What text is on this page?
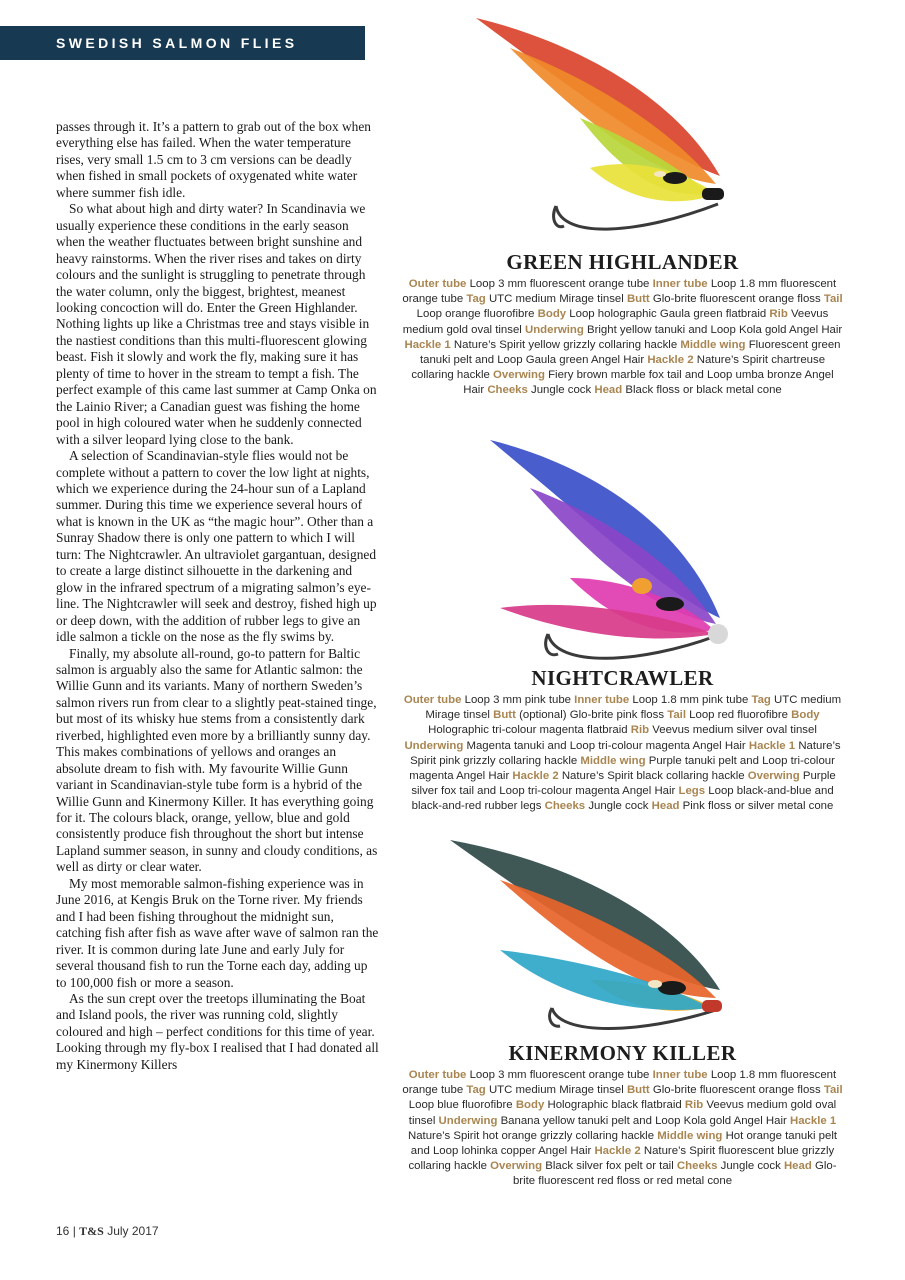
SWEDISH SALMON FLIES

passes through it. It’s a pattern to grab out of the box when everything else has failed. When the water temperature rises, very small 1.5 cm to 3 cm versions can be deadly when fished in small pockets of oxygenated white water where summer fish idle.

So what about high and dirty water? In Scandinavia we usually experience these conditions in the early season when the weather fluctuates between bright sunshine and heavy rainstorms. When the river rises and takes on dirty colours and the sunlight is struggling to penetrate through the water column, only the biggest, brightest, meanest looking concoction will do. Enter the Green Highlander. Nothing lights up like a Christmas tree and stays visible in the nastiest conditions than this multi-fluorescent glowing beast. Fish it slowly and work the fly, making sure it has plenty of time to hover in the stream to tempt a fish. The perfect example of this came last summer at Camp Onka on the Lainio River; a Canadian guest was fishing the home pool in high coloured water when he suddenly connected with a silver leopard lying close to the bank.

A selection of Scandinavian-style flies would not be complete without a pattern to cover the low light at nights, which we experience during the 24-hour sun of a Lapland summer. During this time we experience several hours of what is known in the UK as “the magic hour”. Other than a Sunray Shadow there is only one pattern to which I will turn: The Nightcrawler. An ultraviolet gargantuan, designed to create a large distinct silhouette in the darkening and glow in the infrared spectrum of a migrating salmon’s eye-line. The Nightcrawler will seek and destroy, fished high up or deep down, with the addition of rubber legs to give an idle salmon a tickle on the nose as the fly swims by.

Finally, my absolute all-round, go-to pattern for Baltic salmon is arguably also the same for Atlantic salmon: the Willie Gunn and its variants. Many of northern Sweden’s salmon rivers run from clear to a slightly peat-stained tinge, but most of its whisky hue stems from a consistently dark riverbed, highlighted even more by a brilliantly sunny day. This makes combinations of yellows and oranges an absolute dream to fish with. My favourite Willie Gunn variant in Scandinavian-style tube form is a hybrid of the Willie Gunn and Kinermony Killer. It has everything going for it. The colours black, orange, yellow, blue and gold consistently produce fish throughout the short but intense Lapland summer season, in sunny and cloudy conditions, as well as dirty or clear water.

My most memorable salmon-fishing experience was in June 2016, at Kengis Bruk on the Torne river. My friends and I had been fishing throughout the midnight sun, catching fish after fish as wave after wave of salmon ran the river. It is common during late June and early July for several thousand fish to run the Torne each day, adding up to 100,000 fish or more a season.

As the sun crept over the treetops illuminating the Boat and Island pools, the river was running cold, slightly coloured and high – perfect conditions for this time of year. Looking through my fly-box I realised that I had donated all my Kinermony Killers

GREEN HIGHLANDER
Outer tube Loop 3 mm fluorescent orange tube Inner tube Loop 1.8 mm fluorescent orange tube Tag UTC medium Mirage tinsel Butt Glo-brite fluorescent orange floss Tail Loop orange fluorofibre Body Loop holographic Gaula green flatbraid Rib Veevus medium gold oval tinsel Underwing Bright yellow tanuki and Loop Kola gold Angel Hair Hackle 1 Nature’s Spirit yellow grizzly collaring hackle Middle wing Fluorescent green tanuki pelt and Loop Gaula green Angel Hair Hackle 2 Nature’s Spirit chartreuse collaring hackle Overwing Fiery brown marble fox tail and Loop umba bronze Angel Hair Cheeks Jungle cock Head Black floss or black metal cone
NIGHTCRAWLER
Outer tube Loop 3 mm pink tube Inner tube Loop 1.8 mm pink tube Tag UTC medium Mirage tinsel Butt (optional) Glo-brite pink floss Tail Loop red fluorofibre Body Holographic tri-colour magenta flatbraid Rib Veevus medium silver oval tinsel Underwing Magenta tanuki and Loop tri-colour magenta Angel Hair Hackle 1 Nature’s Spirit pink grizzly collaring hackle Middle wing Purple tanuki pelt and Loop tri-colour magenta Angel Hair Hackle 2 Nature’s Spirit black collaring hackle Overwing Purple silver fox tail and Loop tri-colour magenta Angel Hair Legs Loop black-and-blue and black-and-red rubber legs Cheeks Jungle cock Head Pink floss or silver metal cone
KINERMONY KILLER
Outer tube Loop 3 mm fluorescent orange tube Inner tube Loop 1.8 mm fluorescent orange tube Tag UTC medium Mirage tinsel Butt Glo-brite fluorescent orange floss Tail Loop blue fluorofibre Body Holographic black flatbraid Rib Veevus medium gold oval tinsel Underwing Banana yellow tanuki pelt and Loop Kola gold Angel Hair Hackle 1 Nature’s Spirit hot orange grizzly collaring hackle Middle wing Hot orange tanuki pelt and Loop lohinka copper Angel Hair Hackle 2 Nature’s Spirit fluorescent blue grizzly collaring hackle Overwing Black silver fox pelt or tail Cheeks Jungle cock Head Glo-brite fluorescent red floss or red metal cone
16 | T&S July 2017
